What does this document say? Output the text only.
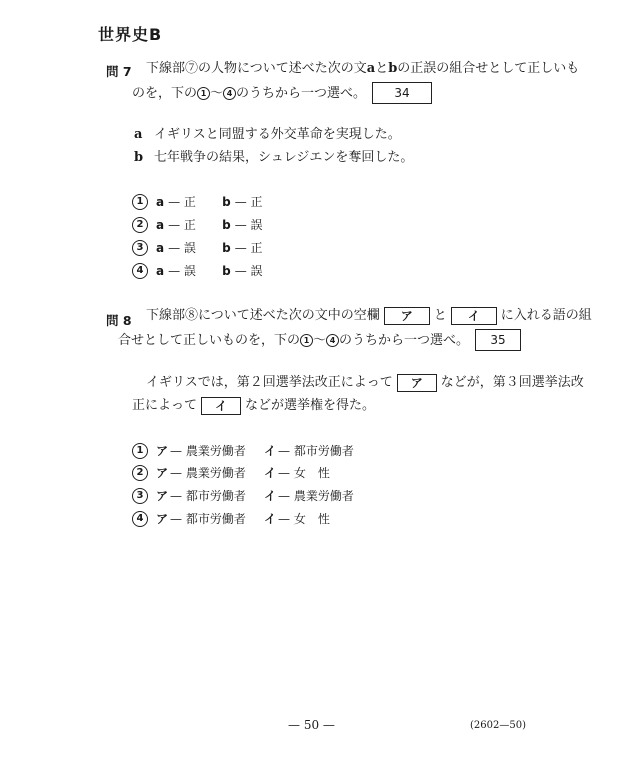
世界史B
問 7 下線部⑦の人物について述べた次の文aとbの正誤の組合せとして正しいも
のを，下の 1 〜 4 のうちから一つ選べ。	34
a イギリスと同盟する外交革命を実現した。
b 七年戦争の結果，シュレジエンを奪回した。
1	a — 正	b — 正
2	a — 正	b — 誤
3	a — 誤	b — 正
4	a — 誤	b — 誤
問 8 下線部⑧について述べた次の文中の空欄	ア	と	イ	に入れる語の組
合せとして正しいものを，下の 1 〜 4 のうちから一つ選べ。	35
イギリスでは，第２回選挙法改正によって	ア	などが，第３回選挙法改
正によって	イ	などが選挙権を得た。
1	ア — 農業労働者	イ — 都市労働者
2	ア — 農業労働者	イ — 女　性
3	ア — 都市労働者	イ — 農業労働者
4	ア — 都市労働者	イ — 女　性
— 50 —	(2602—50)
